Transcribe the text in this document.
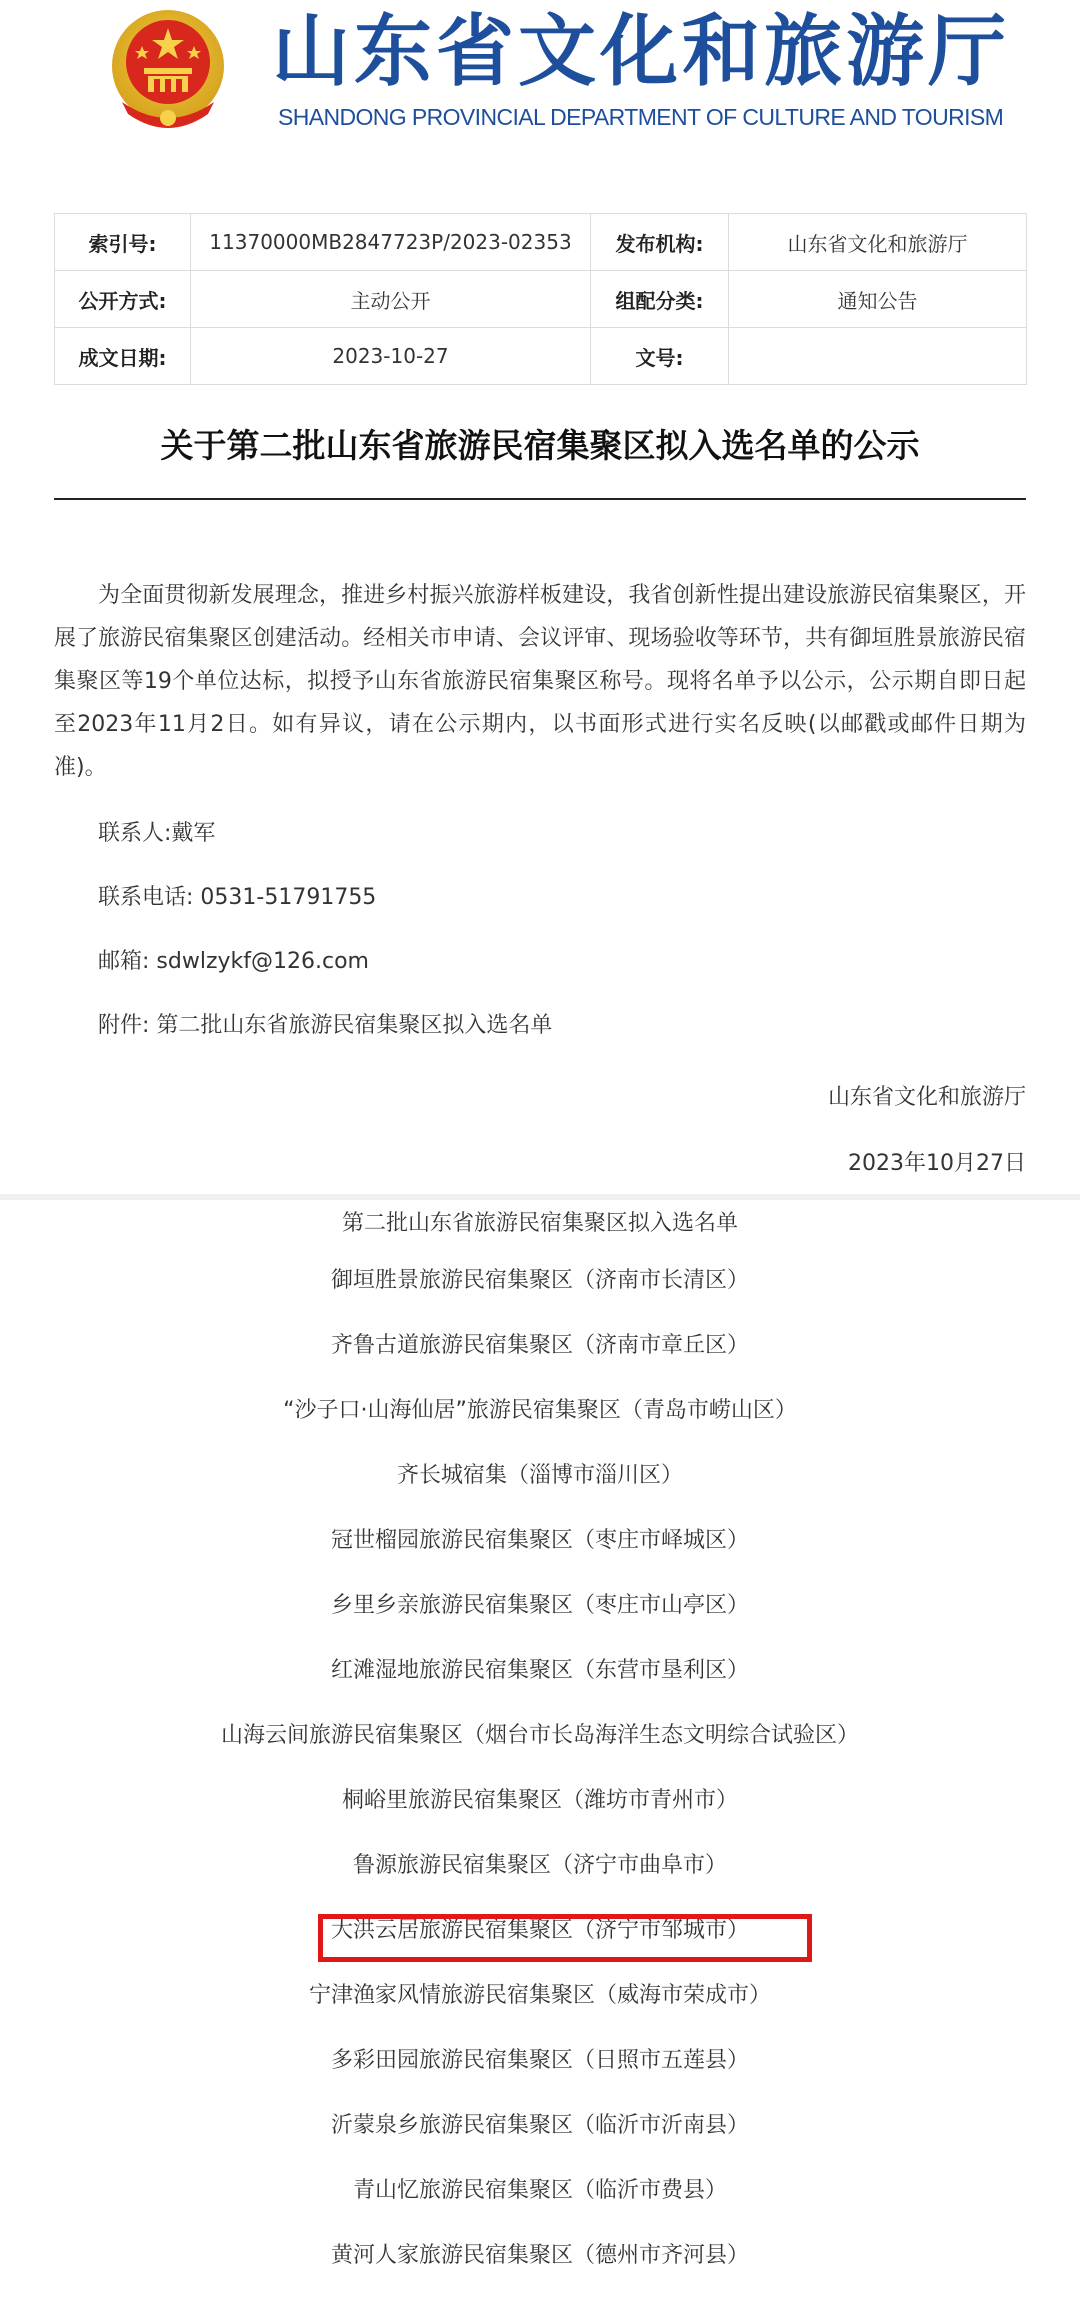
山东省文化和旅游厅
SHANDONG PROVINCIAL DEPARTMENT OF CULTURE AND TOURISM
索引号:	11370000MB2847723P/2023-02353	发布机构:	山东省文化和旅游厅
公开方式:	主动公开	组配分类:	通知公告
成文日期:	2023-10-27	文号:	
关于第二批山东省旅游民宿集聚区拟入选名单的公示
为全面贯彻新发展理念，推进乡村振兴旅游样板建设，我省创新性提出建设旅游民宿集聚区，开展了旅游民宿集聚区创建活动。经相关市申请、会议评审、现场验收等环节，共有御垣胜景旅游民宿集聚区等19个单位达标，拟授予山东省旅游民宿集聚区称号。现将名单予以公示，公示期自即日起至2023年11月2日。如有异议，请在公示期内，以书面形式进行实名反映(以邮戳或邮件日期为准)。
联系人:戴军
联系电话: 0531-51791755
邮箱: sdwlzykf@126.com
附件: 第二批山东省旅游民宿集聚区拟入选名单
山东省文化和旅游厅
2023年10月27日
第二批山东省旅游民宿集聚区拟入选名单
御垣胜景旅游民宿集聚区（济南市长清区）
齐鲁古道旅游民宿集聚区（济南市章丘区）
“沙子口·山海仙居”旅游民宿集聚区（青岛市崂山区）
齐长城宿集（淄博市淄川区）
冠世榴园旅游民宿集聚区（枣庄市峄城区）
乡里乡亲旅游民宿集聚区（枣庄市山亭区）
红滩湿地旅游民宿集聚区（东营市垦利区）
山海云间旅游民宿集聚区（烟台市长岛海洋生态文明综合试验区）
桐峪里旅游民宿集聚区（潍坊市青州市）
鲁源旅游民宿集聚区（济宁市曲阜市）
大洪云居旅游民宿集聚区（济宁市邹城市）
宁津渔家风情旅游民宿集聚区（威海市荣成市）
多彩田园旅游民宿集聚区（日照市五莲县）
沂蒙泉乡旅游民宿集聚区（临沂市沂南县）
青山忆旅游民宿集聚区（临沂市费县）
黄河人家旅游民宿集聚区（德州市齐河县）
